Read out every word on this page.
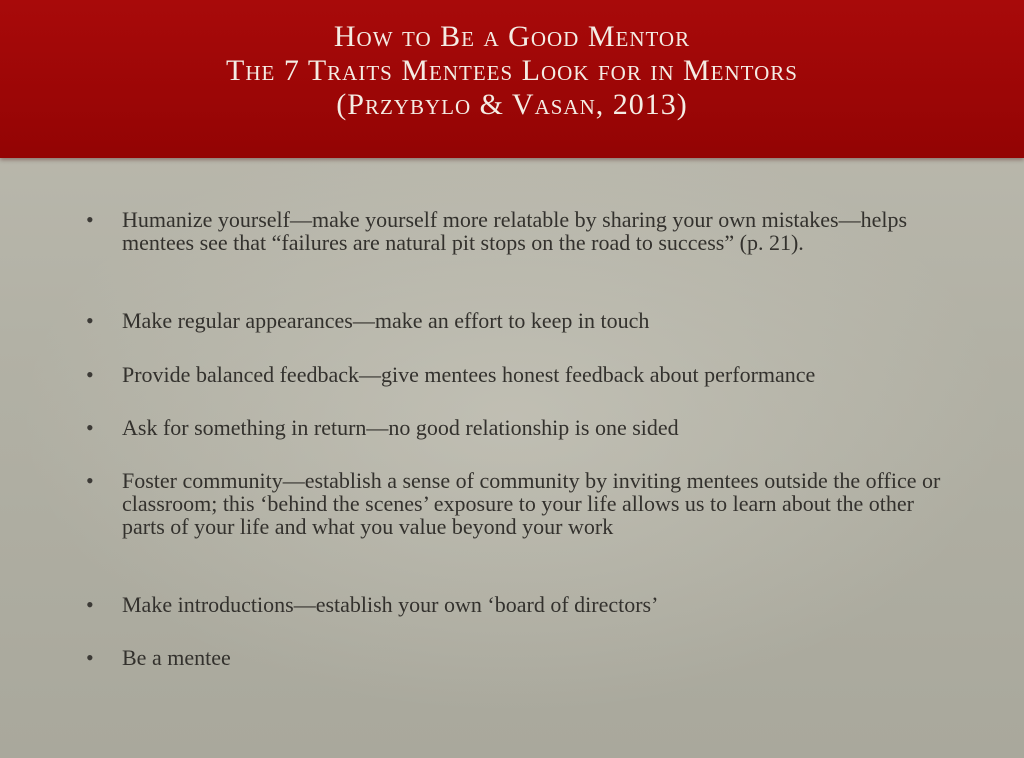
How to Be a Good Mentor
The 7 Traits Mentees Look for in Mentors
(Przybylo & Vasan, 2013)
• Humanize yourself—make yourself more relatable by sharing your own mistakes—helps mentees see that “failures are natural pit stops on the road to success” (p. 21).
• Make regular appearances—make an effort to keep in touch
• Provide balanced feedback—give mentees honest feedback about performance
• Ask for something in return—no good relationship is one sided
• Foster community—establish a sense of community by inviting mentees outside the office or classroom; this ‘behind the scenes’ exposure to your life allows us to learn about the other parts of your life and what you value beyond your work
• Make introductions—establish your own ‘board of directors’
• Be a mentee
